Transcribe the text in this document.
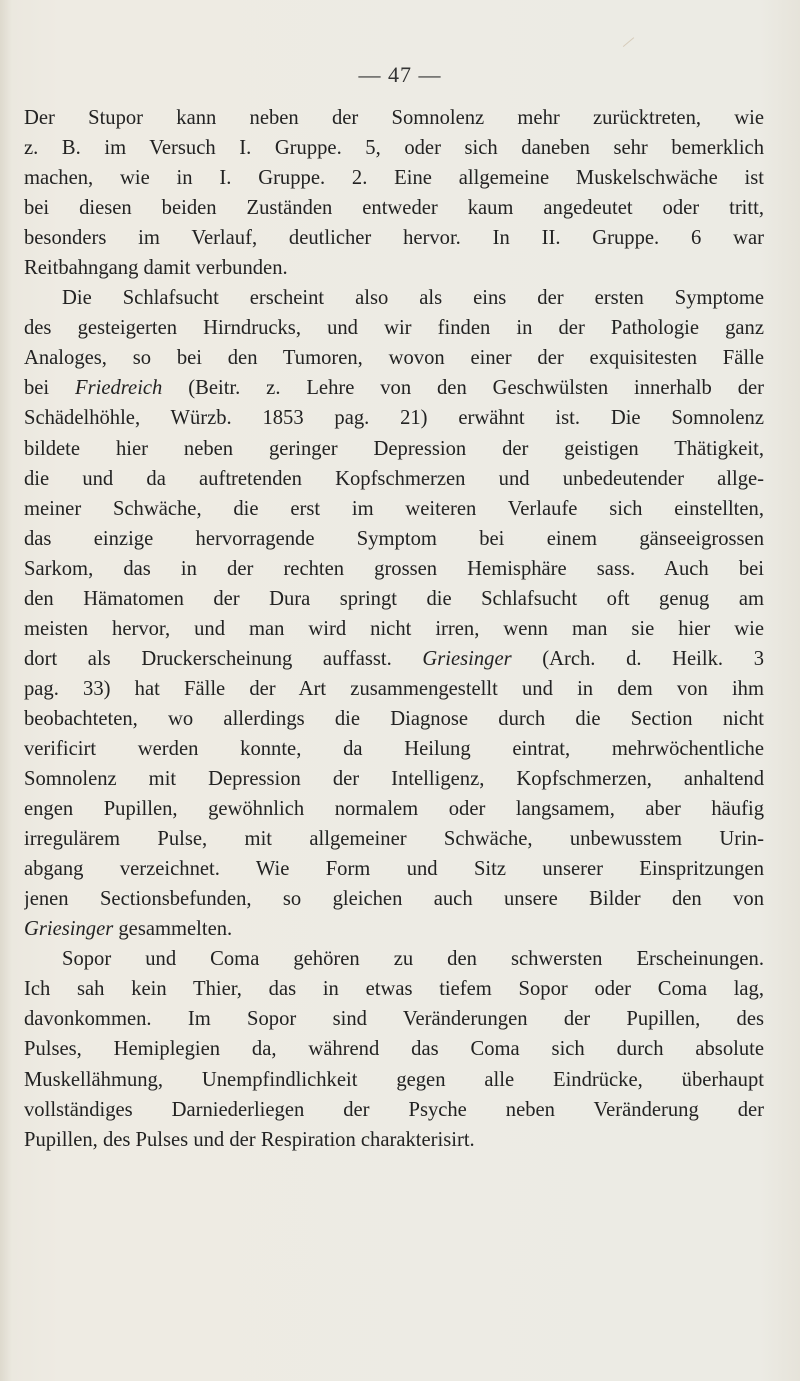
— 47 —
Der Stupor kann neben der Somnolenz mehr zurücktreten, wie
z. B. im Versuch I. Gruppe. 5, oder sich daneben sehr bemerklich
machen, wie in I. Gruppe. 2. Eine allgemeine Muskelschwäche ist
bei diesen beiden Zuständen entweder kaum angedeutet oder tritt,
besonders im Verlauf, deutlicher hervor. In II. Gruppe. 6 war
Reitbahngang damit verbunden.
Die Schlafsucht erscheint also als eins der ersten Symptome
des gesteigerten Hirndrucks, und wir finden in der Pathologie ganz
Analoges, so bei den Tumoren, wovon einer der exquisitesten Fälle
bei Friedreich (Beitr. z. Lehre von den Geschwülsten innerhalb der
Schädelhöhle, Würzb. 1853 pag. 21) erwähnt ist. Die Somnolenz
bildete hier neben geringer Depression der geistigen Thätigkeit,
die und da auftretenden Kopfschmerzen und unbedeutender allge-
meiner Schwäche, die erst im weiteren Verlaufe sich einstellten,
das einzige hervorragende Symptom bei einem gänseeigrossen
Sarkom, das in der rechten grossen Hemisphäre sass. Auch bei
den Hämatomen der Dura springt die Schlafsucht oft genug am
meisten hervor, und man wird nicht irren, wenn man sie hier wie
dort als Druckerscheinung auffasst. Griesinger (Arch. d. Heilk. 3
pag. 33) hat Fälle der Art zusammengestellt und in dem von ihm
beobachteten, wo allerdings die Diagnose durch die Section nicht
verificirt werden konnte, da Heilung eintrat, mehrwöchentliche
Somnolenz mit Depression der Intelligenz, Kopfschmerzen, anhaltend
engen Pupillen, gewöhnlich normalem oder langsamem, aber häufig
irregulärem Pulse, mit allgemeiner Schwäche, unbewusstem Urin-
abgang verzeichnet. Wie Form und Sitz unserer Einspritzungen
jenen Sectionsbefunden, so gleichen auch unsere Bilder den von
Griesinger gesammelten.
Sopor und Coma gehören zu den schwersten Erscheinungen.
Ich sah kein Thier, das in etwas tiefem Sopor oder Coma lag,
davonkommen. Im Sopor sind Veränderungen der Pupillen, des
Pulses, Hemiplegien da, während das Coma sich durch absolute
Muskellähmung, Unempfindlichkeit gegen alle Eindrücke, überhaupt
vollständiges Darniederliegen der Psyche neben Veränderung der
Pupillen, des Pulses und der Respiration charakterisirt.
